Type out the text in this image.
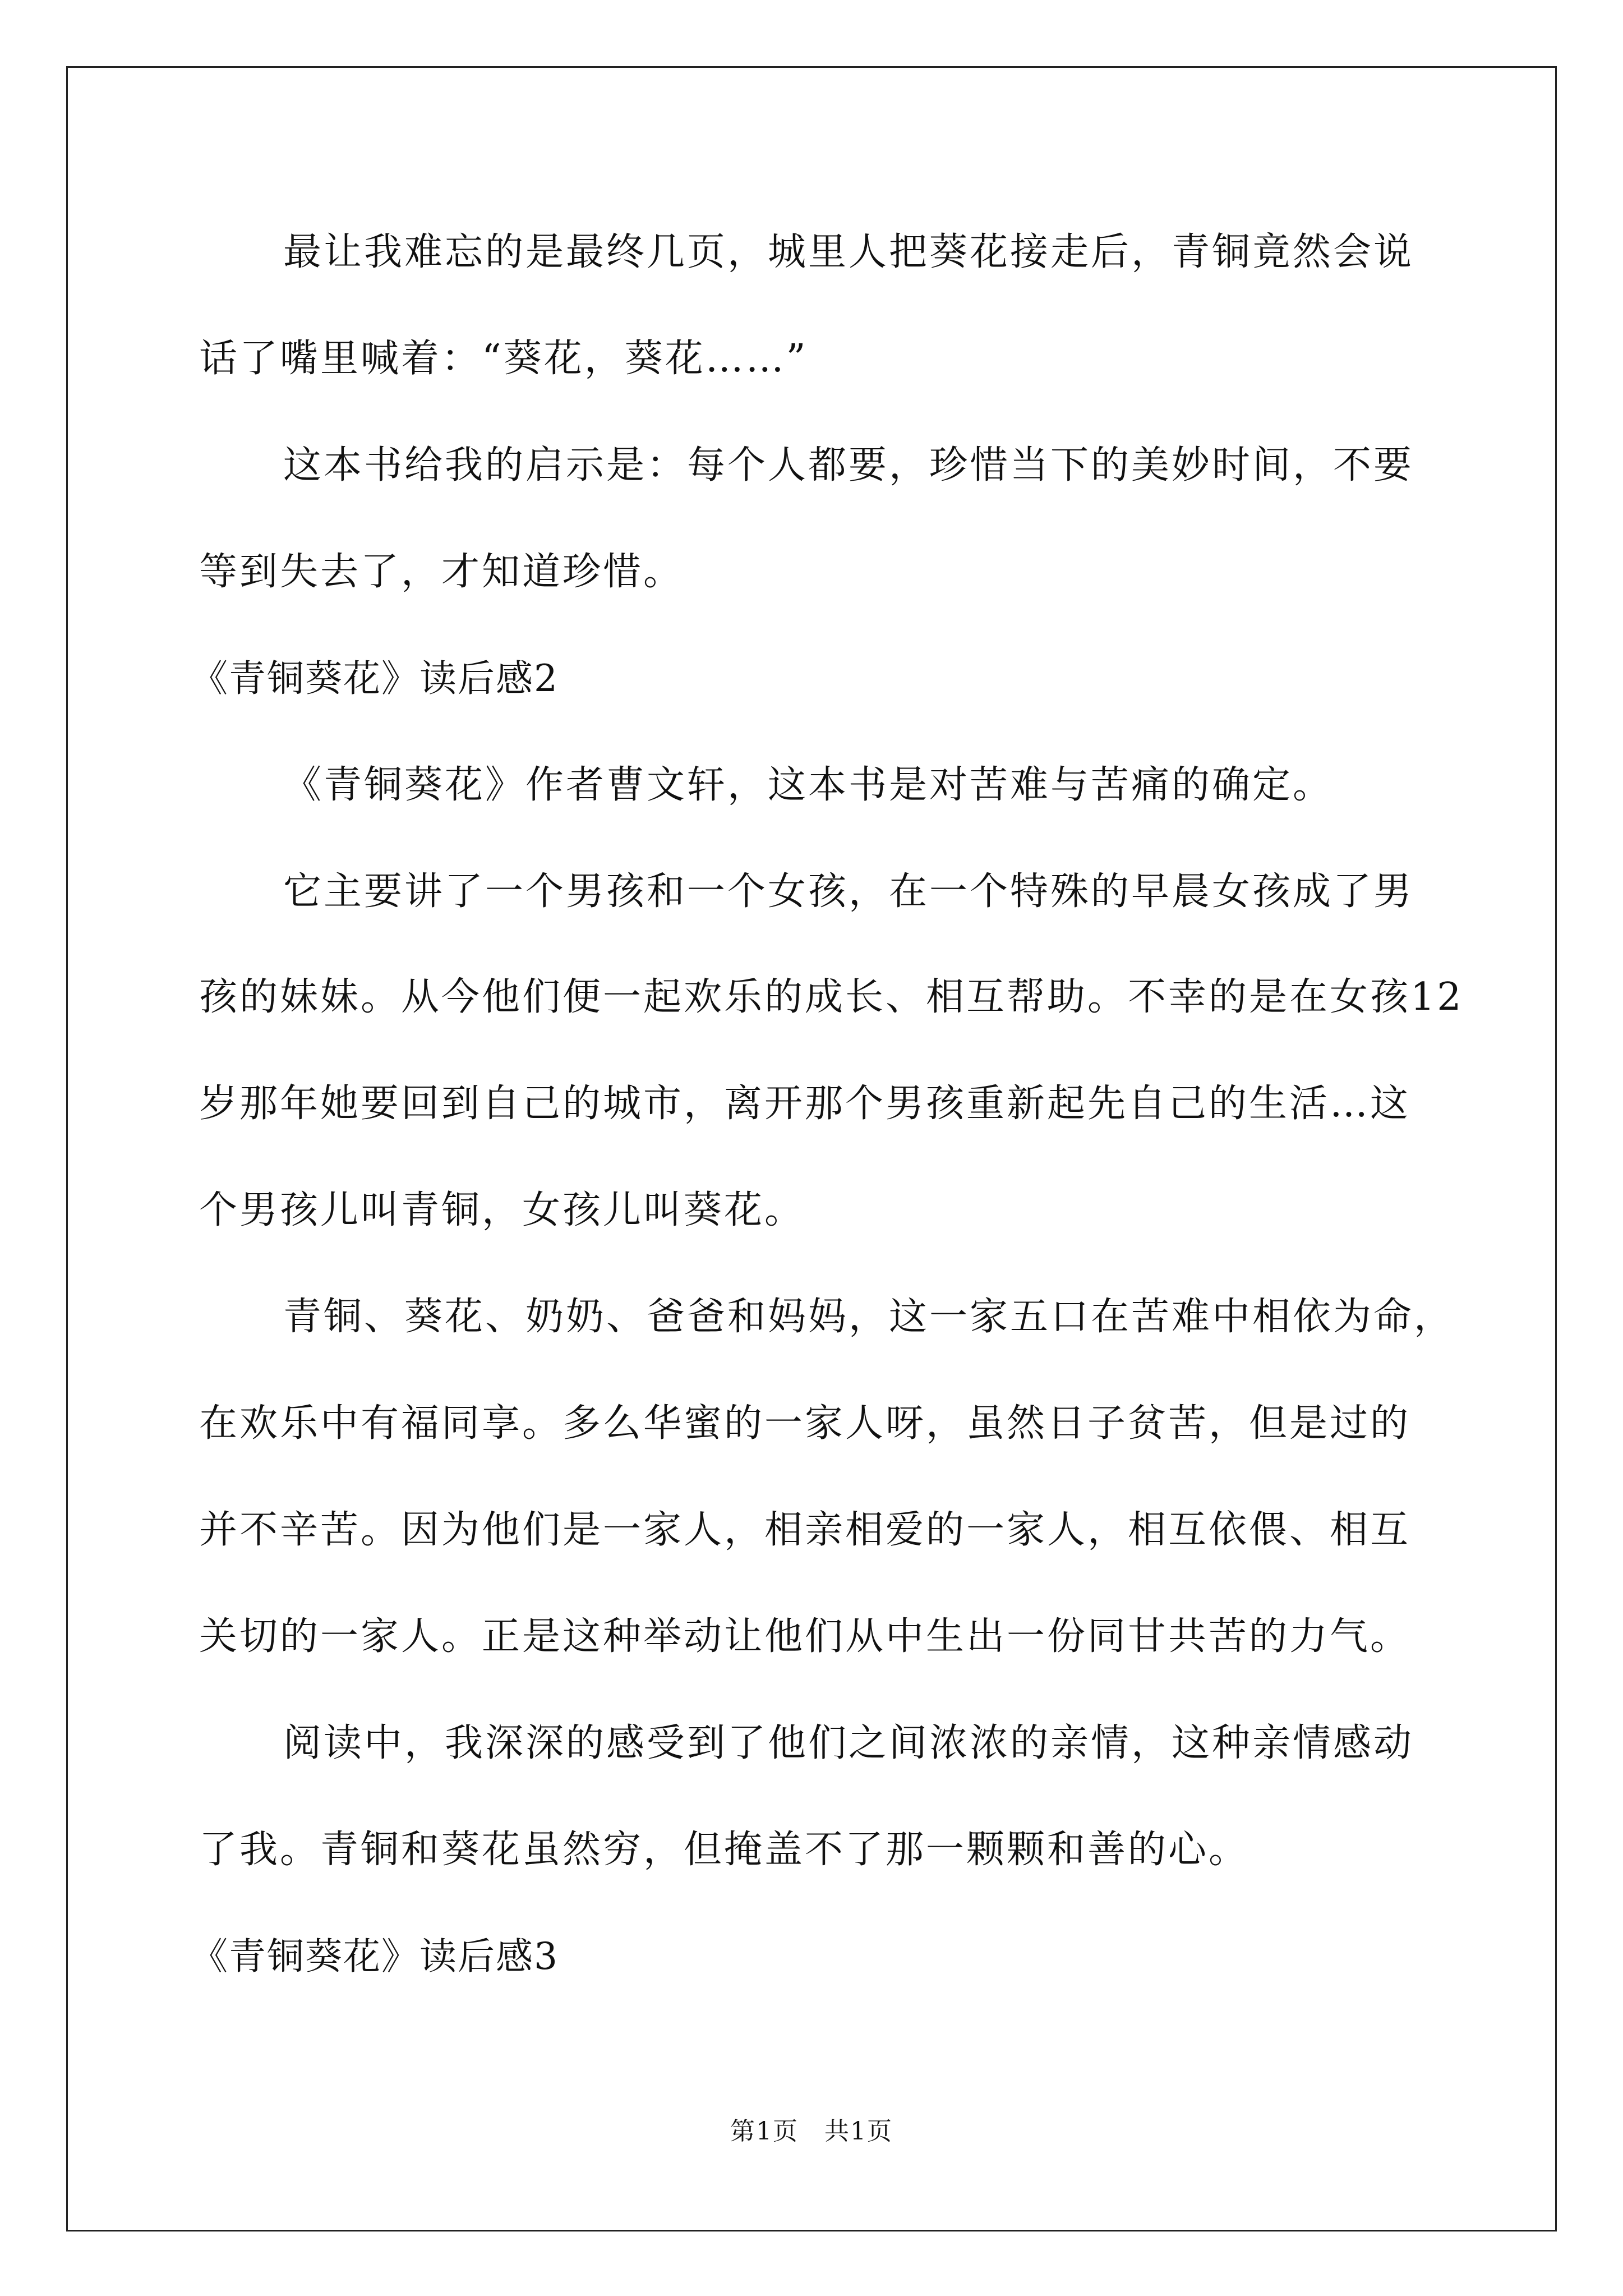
最让我难忘的是最终几页，城里人把葵花接走后，青铜竟然会说

话了嘴里喊着：“葵花，葵花……”

这本书给我的启示是：每个人都要，珍惜当下的美妙时间，不要

等到失去了，才知道珍惜。

《青铜葵花》读后感2

《青铜葵花》作者曹文轩，这本书是对苦难与苦痛的确定。

它主要讲了一个男孩和一个女孩，在一个特殊的早晨女孩成了男

孩的妹妹。从今他们便一起欢乐的成长、相互帮助。不幸的是在女孩12

岁那年她要回到自己的城市，离开那个男孩重新起先自己的生活…这

个男孩儿叫青铜，女孩儿叫葵花。

青铜、葵花、奶奶、爸爸和妈妈，这一家五口在苦难中相依为命，

在欢乐中有福同享。多么华蜜的一家人呀，虽然日子贫苦，但是过的

并不辛苦。因为他们是一家人，相亲相爱的一家人，相互依偎、相互

关切的一家人。正是这种举动让他们从中生出一份同甘共苦的力气。

阅读中，我深深的感受到了他们之间浓浓的亲情，这种亲情感动

了我。青铜和葵花虽然穷，但掩盖不了那一颗颗和善的心。

《青铜葵花》读后感3

第1页　共1页
